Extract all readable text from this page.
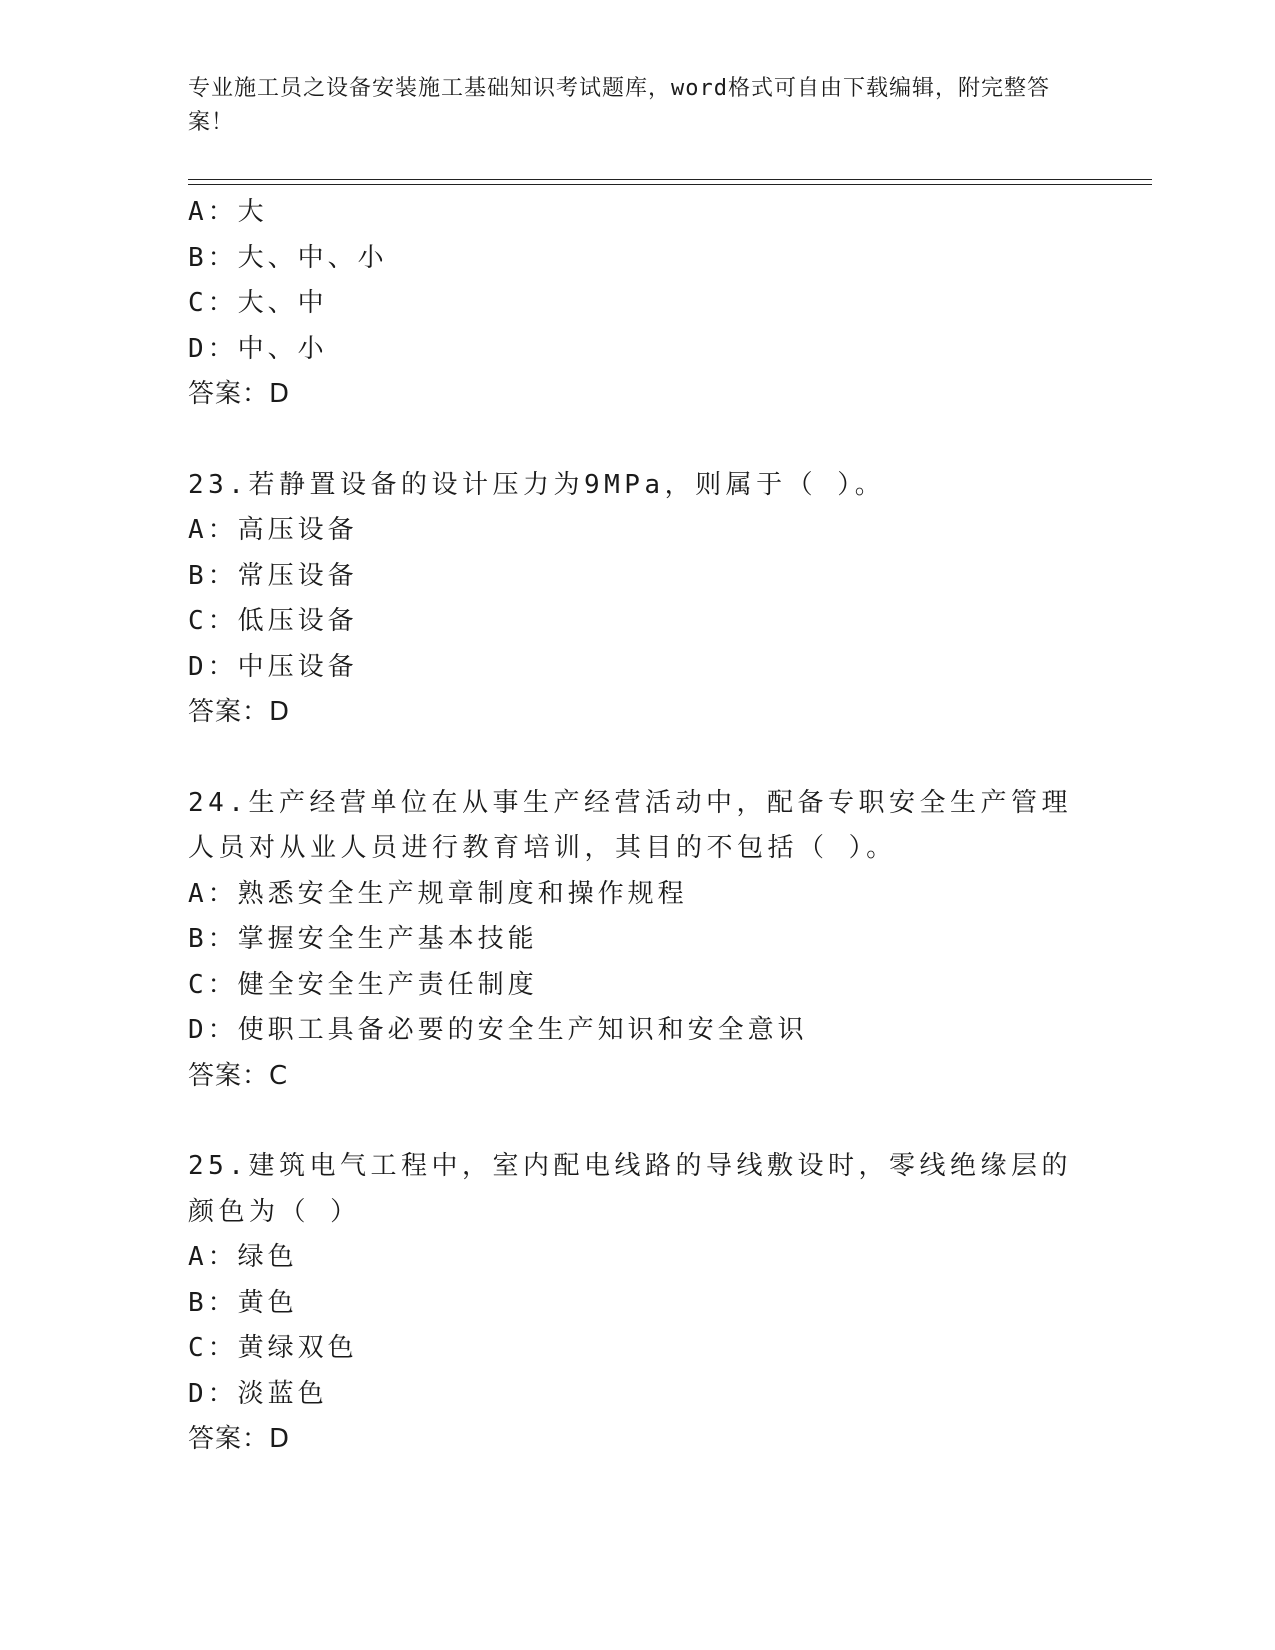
专业施工员之设备安装施工基础知识考试题库，word格式可自由下载编辑，附完整答案！
A：大
B：大、中、小
C：大、中
D：中、小
答案：D
23.若静置设备的设计压力为9MPa，则属于（ ）。
A：高压设备
B：常压设备
C：低压设备
D：中压设备
答案：D
24.生产经营单位在从事生产经营活动中，配备专职安全生产管理人员对从业人员进行教育培训，其目的不包括（ ）。
A：熟悉安全生产规章制度和操作规程
B：掌握安全生产基本技能
C：健全安全生产责任制度
D：使职工具备必要的安全生产知识和安全意识
答案：C
25.建筑电气工程中，室内配电线路的导线敷设时，零线绝缘层的颜色为（ ）
A：绿色
B：黄色
C：黄绿双色
D：淡蓝色
答案：D
